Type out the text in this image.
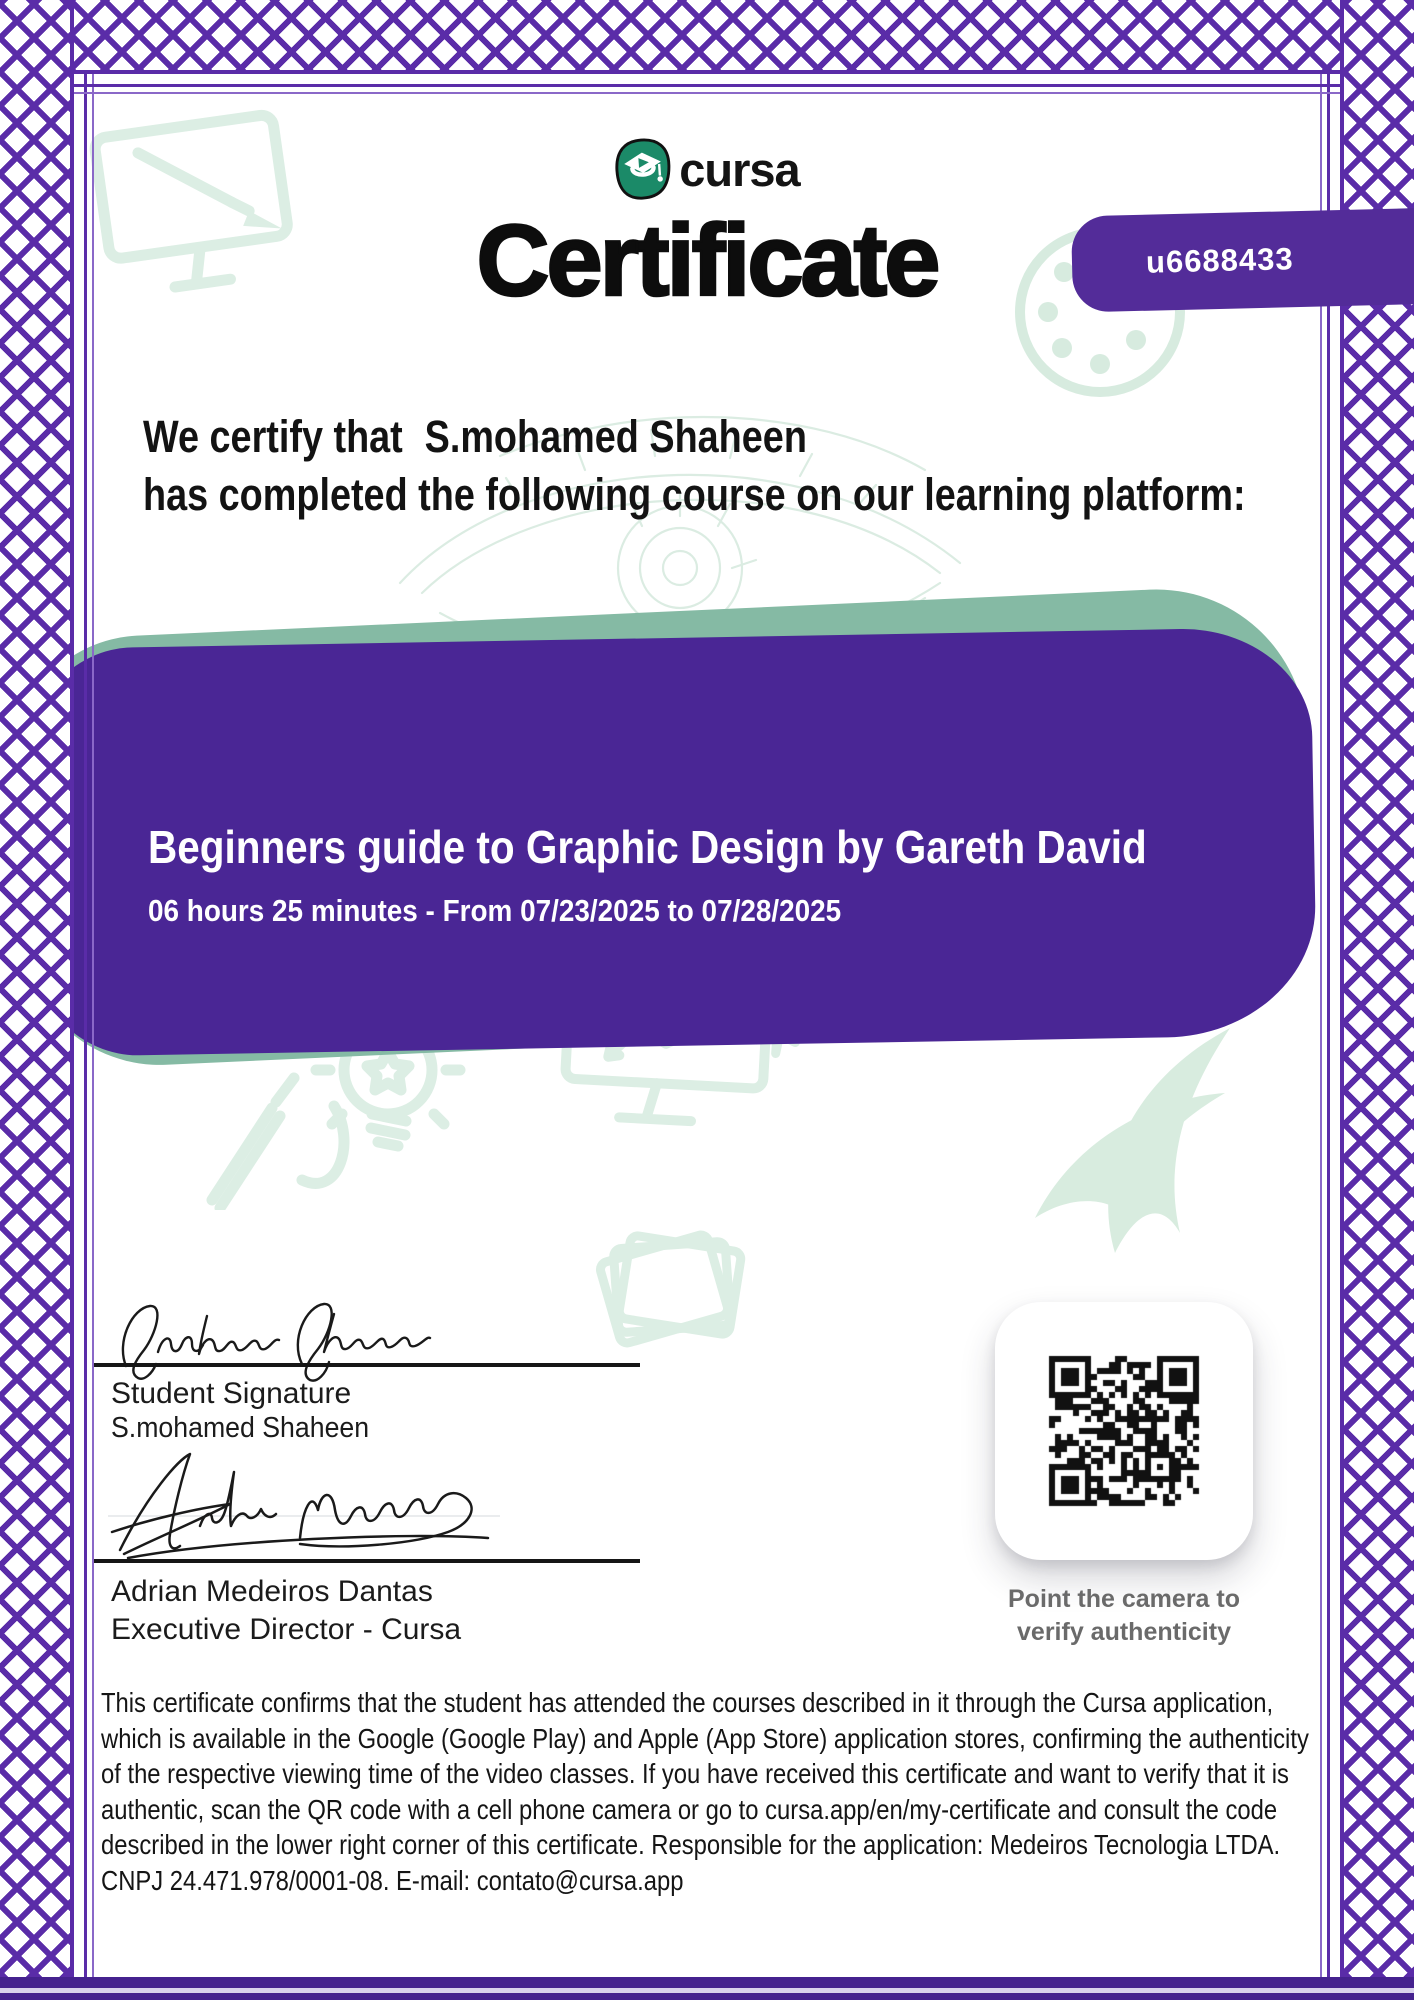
cursa
Certificate	u6688433
We certify that S.mohamed Shaheen
has completed the following course on our learning platform:
Beginners guide to Graphic Design by Gareth David
06 hours 25 minutes - From 07/23/2025 to 07/28/2025
Student Signature
S.mohamed Shaheen
Adrian Medeiros Dantas
Executive Director - Cursa
Point the camera to
verify authenticity
This certificate confirms that the student has attended the courses described in it through the Cursa application, which is available in the Google (Google Play) and Apple (App Store) application stores, confirming the authenticity of the respective viewing time of the video classes. If you have received this certificate and want to verify that it is authentic, scan the QR code with a cell phone camera or go to cursa.app/en/my-certificate and consult the code described in the lower right corner of this certificate. Responsible for the application: Medeiros Tecnologia LTDA. CNPJ 24.471.978/0001-08. E-mail: contato@cursa.app
